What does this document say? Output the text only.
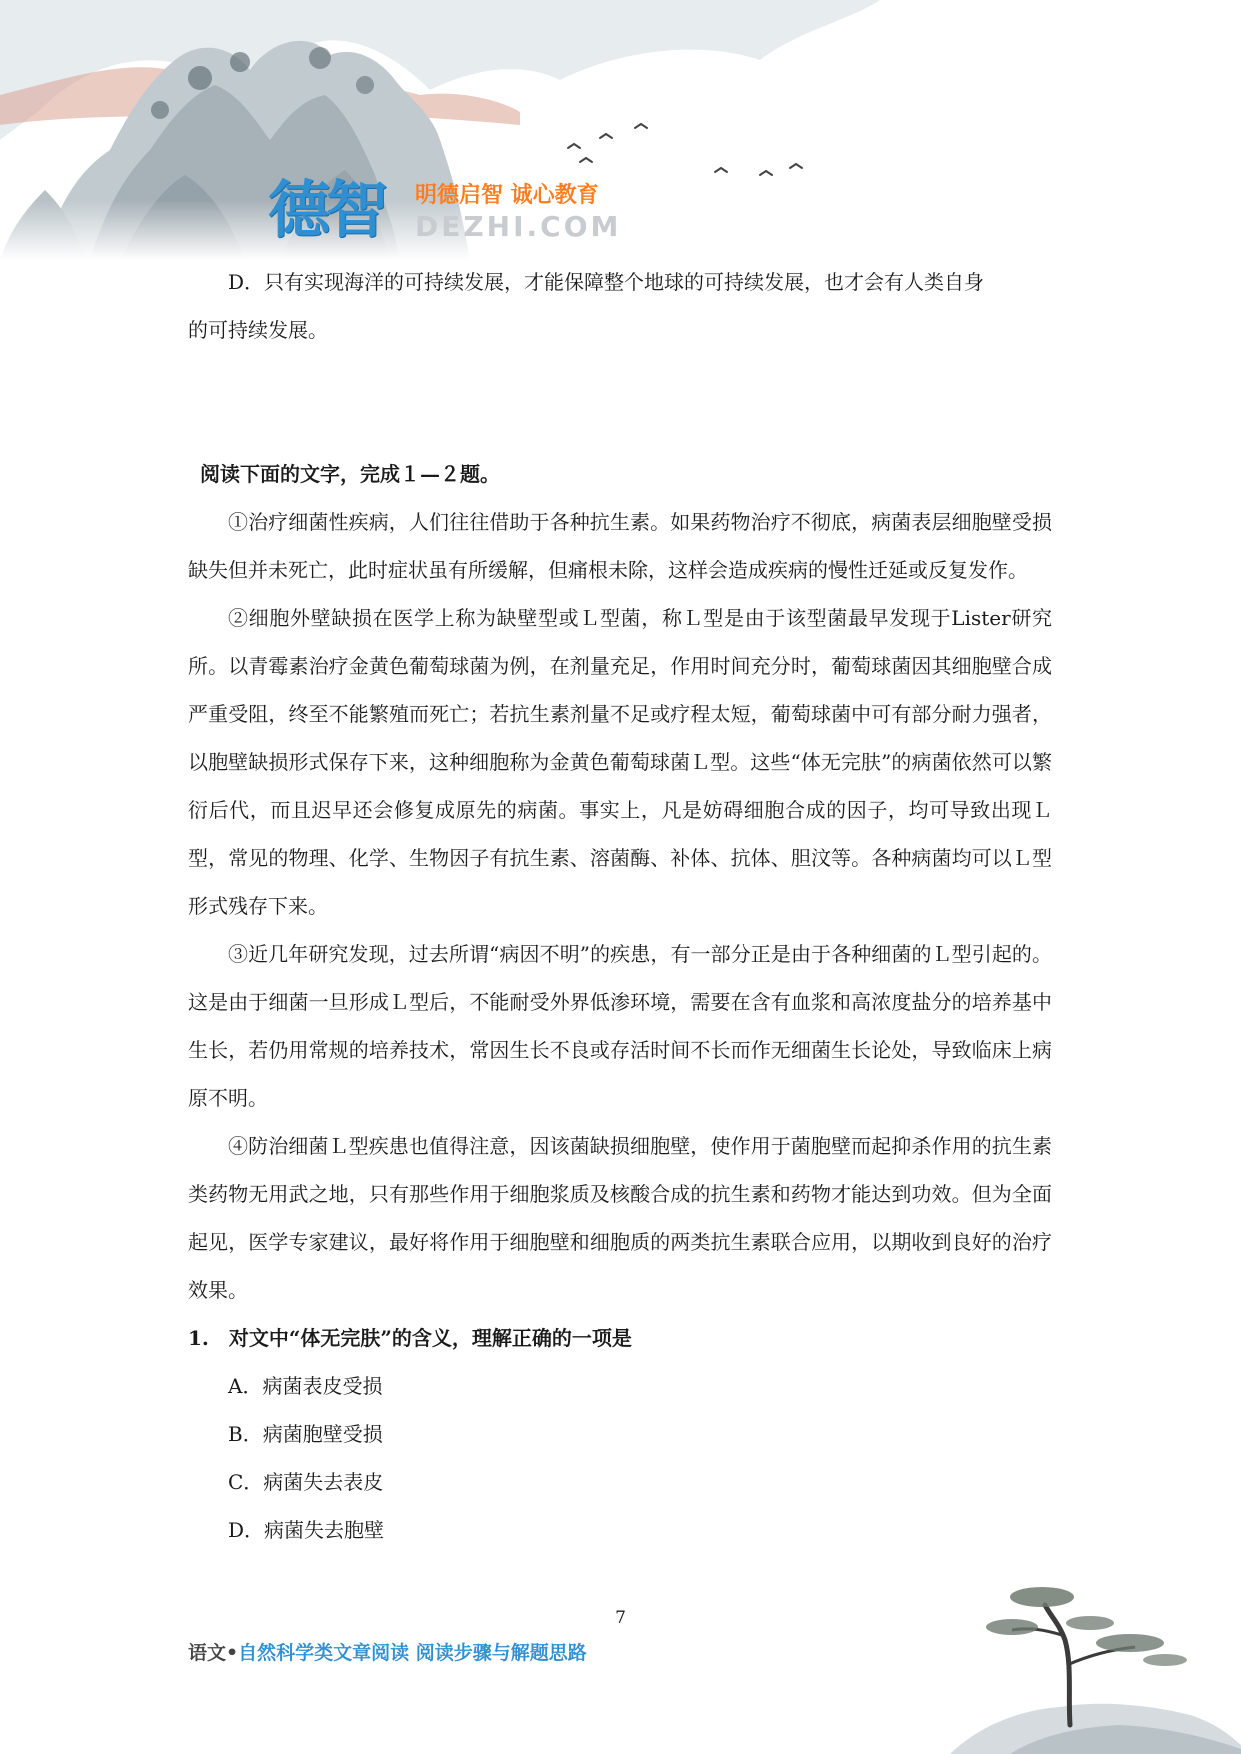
德智	明德启智 诚心教育
DEZHI.COM

D．只有实现海洋的可持续发展，才能保障整个地球的可持续发展，也才会有人类自身
的可持续发展。

阅读下面的文字，完成１—２题。

①治疗细菌性疾病，人们往往借助于各种抗生素。如果药物治疗不彻底，病菌表层细胞壁受损缺失但并未死亡，此时症状虽有所缓解，但痛根未除，这样会造成疾病的慢性迁延或反复发作。

②细胞外壁缺损在医学上称为缺壁型或Ｌ型菌，称Ｌ型是由于该型菌最早发现于Lister研究所。以青霉素治疗金黄色葡萄球菌为例，在剂量充足，作用时间充分时，葡萄球菌因其细胞壁合成严重受阻，终至不能繁殖而死亡；若抗生素剂量不足或疗程太短，葡萄球菌中可有部分耐力强者，以胞壁缺损形式保存下来，这种细胞称为金黄色葡萄球菌Ｌ型。这些“体无完肤”的病菌依然可以繁衍后代，而且迟早还会修复成原先的病菌。事实上，凡是妨碍细胞合成的因子，均可导致出现Ｌ型，常见的物理、化学、生物因子有抗生素、溶菌酶、补体、抗体、胆汶等。各种病菌均可以Ｌ型形式残存下来。

③近几年研究发现，过去所谓“病因不明”的疾患，有一部分正是由于各种细菌的Ｌ型引起的。这是由于细菌一旦形成Ｌ型后，不能耐受外界低渗环境，需要在含有血浆和高浓度盐分的培养基中生长，若仍用常规的培养技术，常因生长不良或存活时间不长而作无细菌生长论处，导致临床上病原不明。

④防治细菌Ｌ型疾患也值得注意，因该菌缺损细胞壁，使作用于菌胞壁而起抑杀作用的抗生素类药物无用武之地，只有那些作用于细胞浆质及核酸合成的抗生素和药物才能达到功效。但为全面起见，医学专家建议，最好将作用于细胞壁和细胞质的两类抗生素联合应用，以期收到良好的治疗效果。

1.　对文中“体无完肤”的含义，理解正确的一项是

A．病菌表皮受损

B．病菌胞壁受损

C．病菌失去表皮

D．病菌失去胞壁

7
语文•自然科学类文章阅读 阅读步骤与解题思路
